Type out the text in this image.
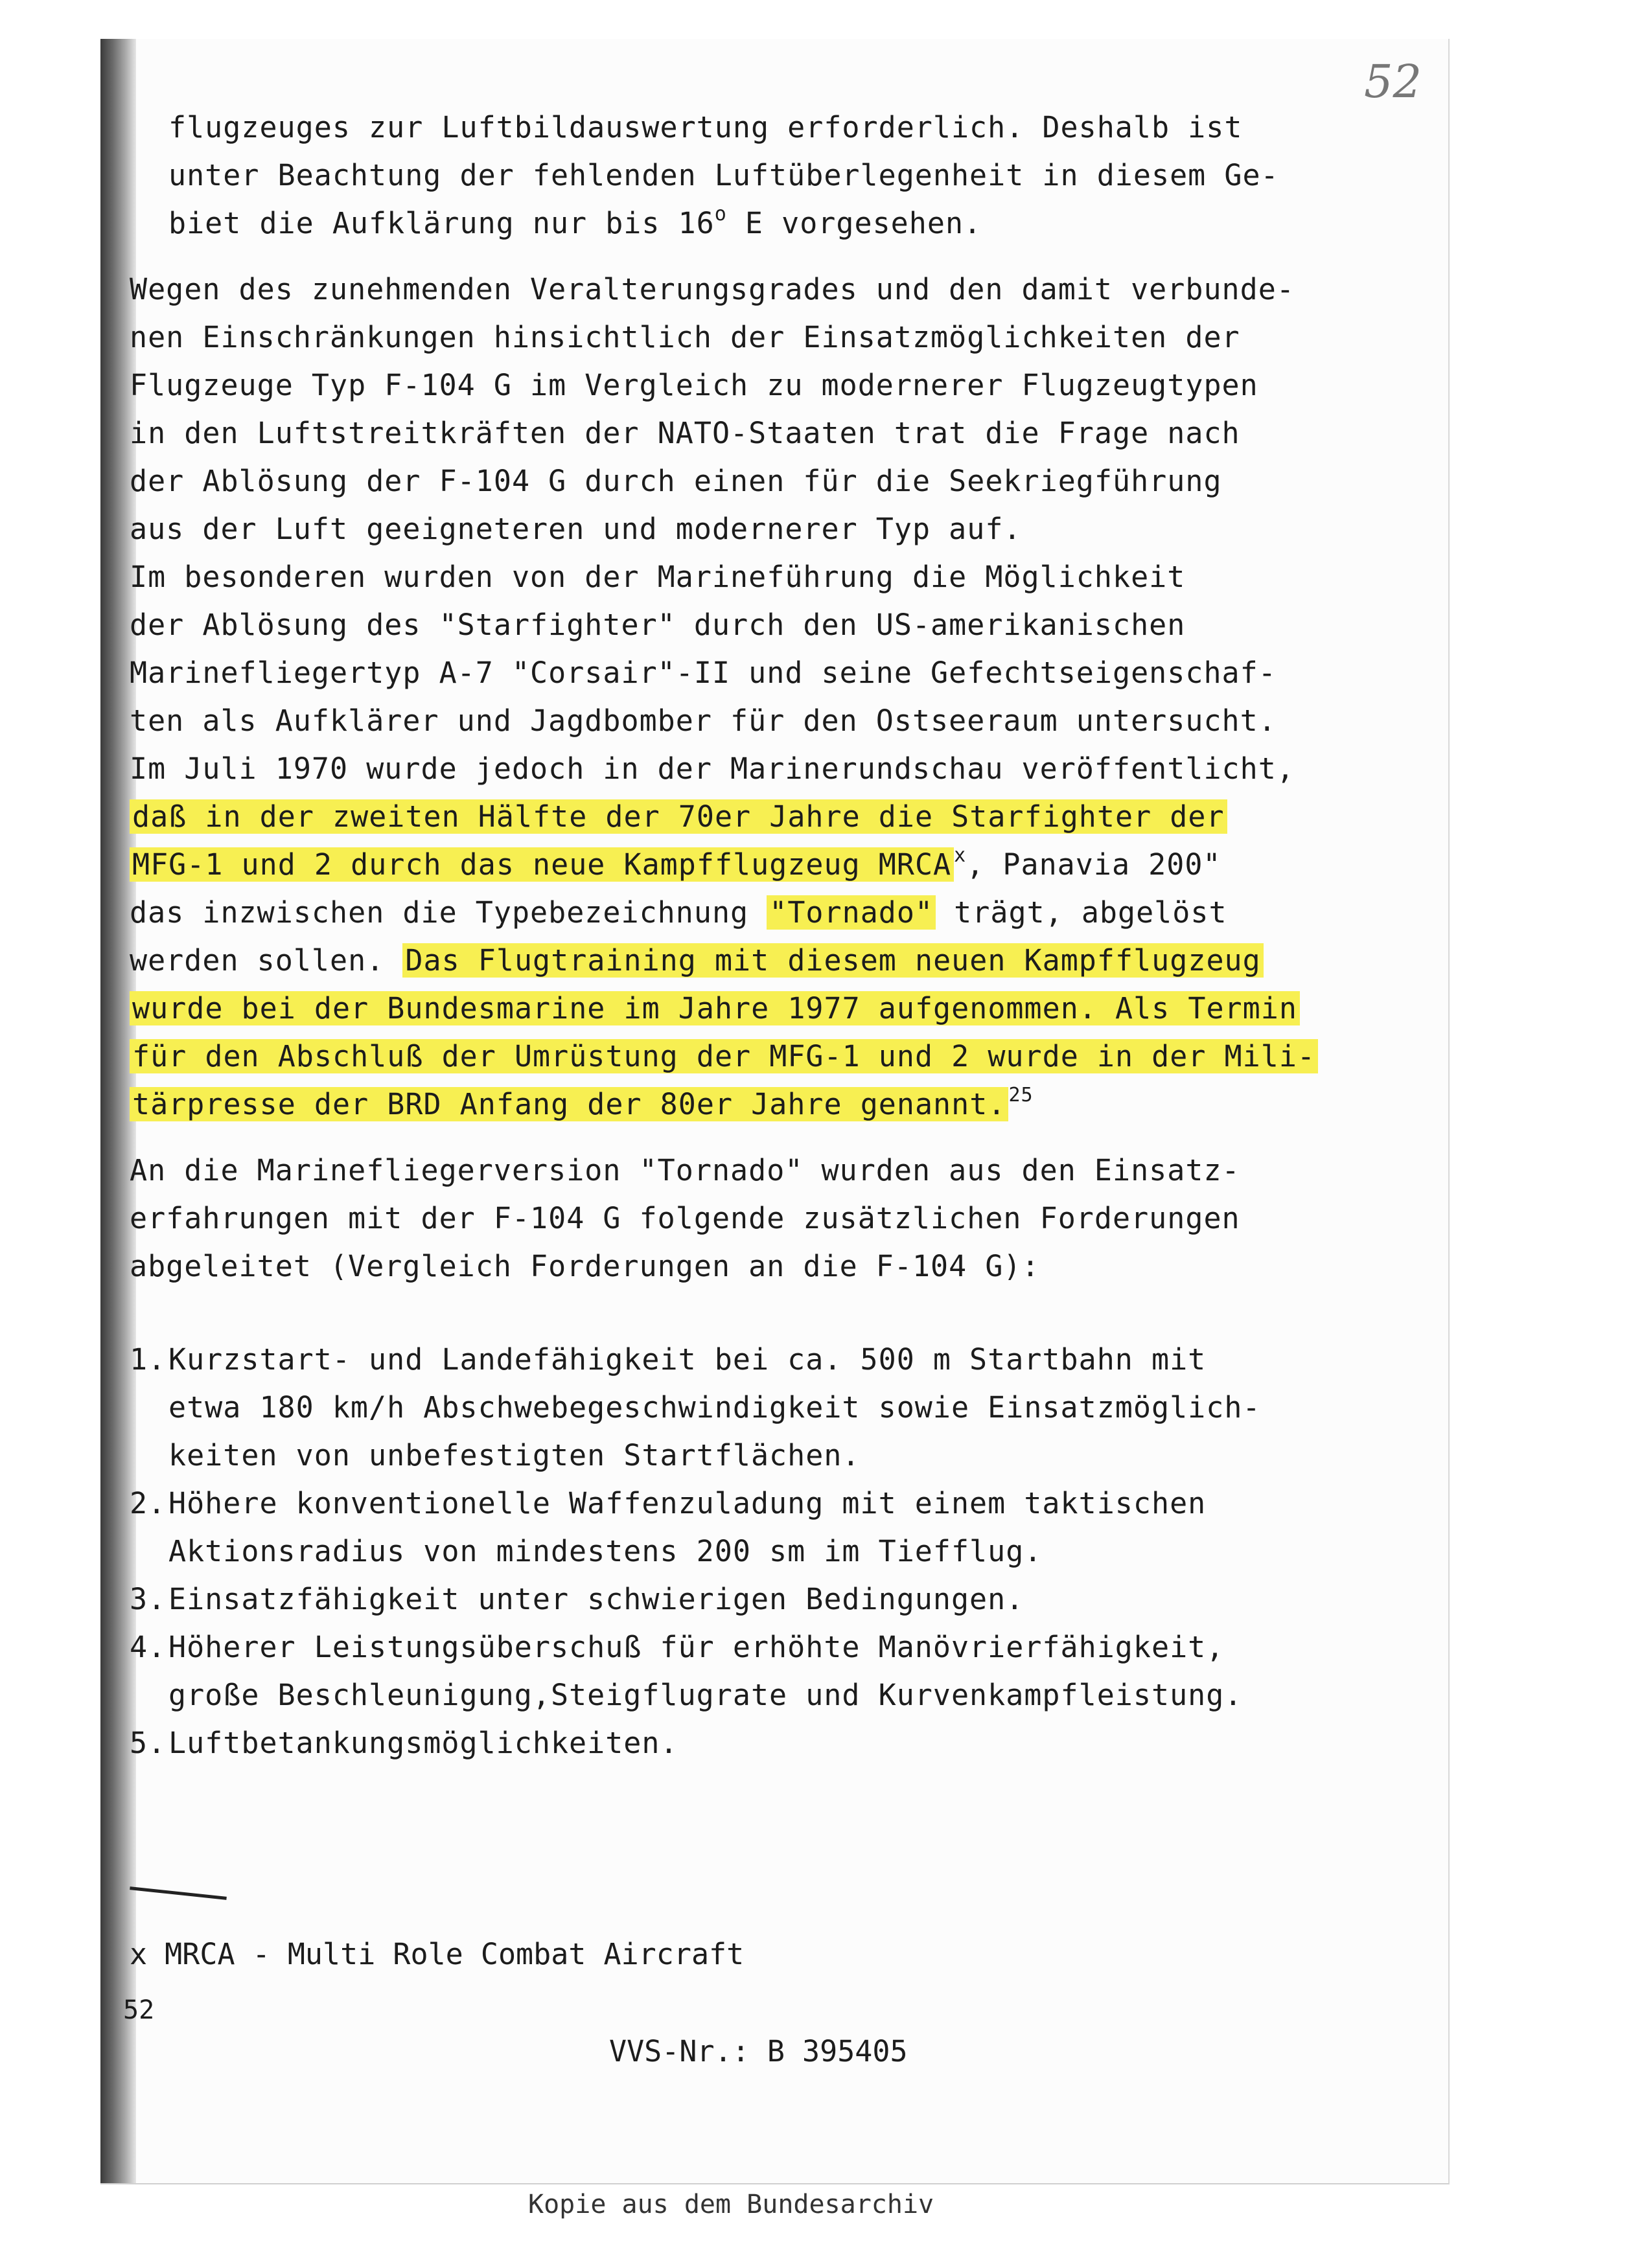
52
flugzeuges zur Luftbildauswertung erforderlich. Deshalb ist
unter Beachtung der fehlenden Luftüberlegenheit in diesem Ge-
biet die Aufklärung nur bis 16$^o$ E vorgesehen.
Wegen des zunehmenden Veralterungsgrades und den damit verbunde-
nen Einschränkungen hinsichtlich der Einsatzmöglichkeiten der
Flugzeuge Typ F-104 G im Vergleich zu modernerer Flugzeugtypen
in den Luftstreitkräften der NATO-Staaten trat die Frage nach
der Ablösung der F-104 G durch einen für die Seekriegführung
aus der Luft geeigneteren und modernerer Typ auf.
Im besonderen wurden von der Marineführung die Möglichkeit
der Ablösung des "Starfighter" durch den US-amerikanischen
Marinefliegertyp A-7 "Corsair"-II und seine Gefechtseigenschaf-
ten als Aufklärer und Jagdbomber für den Ostseeraum untersucht.
Im Juli 1970 wurde jedoch in der Marinerundschau veröffentlicht,
daß in der zweiten Hälfte der 70er Jahre die Starfighter der
MFG-1 und 2 durch das neue Kampfflugzeug MRCA $^x$, Panavia 200"
das inzwischen die Typebezeichnung "Tornado" trägt, abgelöst
werden sollen. Das Flugtraining mit diesem neuen Kampfflugzeug
wurde bei der Bundesmarine im Jahre 1977 aufgenommen. Als Termin
für den Abschluß der Umrüstung der MFG-1 und 2 wurde in der Mili-
tärpresse der BRD Anfang der 80er Jahre genannt. $^{25}$
An die Marinefliegerversion "Tornado" wurden aus den Einsatz-
erfahrungen mit der F-104 G folgende zusätzlichen Forderungen
abgeleitet (Vergleich Forderungen an die F-104 G):
1. Kurzstart- und Landefähigkeit bei ca. 500 m Startbahn mit
etwa 180 km/h Abschwebegeschwindigkeit sowie Einsatzmöglich-
keiten von unbefestigten Startflächen.
2. Höhere konventionelle Waffenzuladung mit einem taktischen
Aktionsradius von mindestens 200 sm im Tiefflug.
3. Einsatzfähigkeit unter schwierigen Bedingungen.
4. Höherer Leistungsüberschuß für erhöhte Manövrierfähigkeit,
große Beschleunigung,Steigflugrate und Kurvenkampfleistung.
5. Luftbetankungsmöglichkeiten.
x MRCA - Multi Role Combat Aircraft
52
VVS-Nr.: B 395405
Kopie aus dem Bundesarchiv
